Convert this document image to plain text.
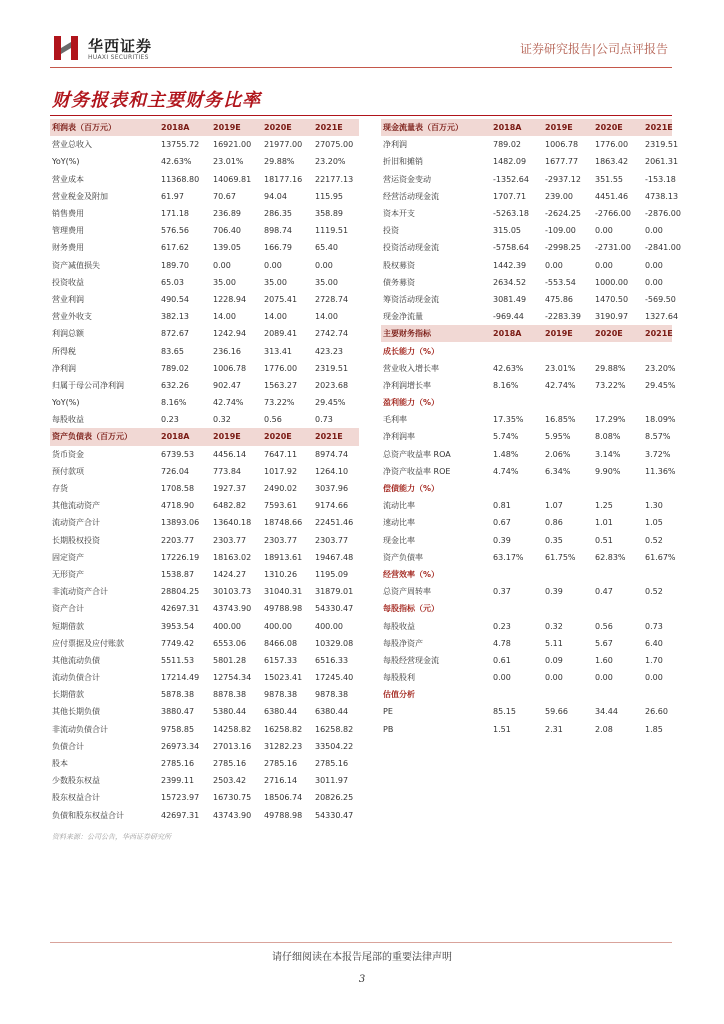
华西证券
HUAXI SECURITIES
证券研究报告|公司点评报告
财务报表和主要财务比率
利润表（百万元）	2018A	2019E	2020E	2021E
营业总收入	13755.72	16921.00	21977.00	27075.00
YoY(%)	42.63%	23.01%	29.88%	23.20%
营业成本	11368.80	14069.81	18177.16	22177.13
营业税金及附加	61.97	70.67	94.04	115.95
销售费用	171.18	236.89	286.35	358.89
管理费用	576.56	706.40	898.74	1119.51
财务费用	617.62	139.05	166.79	65.40
资产减值损失	189.70	0.00	0.00	0.00
投资收益	65.03	35.00	35.00	35.00
营业利润	490.54	1228.94	2075.41	2728.74
营业外收支	382.13	14.00	14.00	14.00
利润总额	872.67	1242.94	2089.41	2742.74
所得税	83.65	236.16	313.41	423.23
净利润	789.02	1006.78	1776.00	2319.51
归属于母公司净利润	632.26	902.47	1563.27	2023.68
YoY(%)	8.16%	42.74%	73.22%	29.45%
每股收益	0.23	0.32	0.56	0.73
资产负债表（百万元）	2018A	2019E	2020E	2021E
货币资金	6739.53	4456.14	7647.11	8974.74
预付款项	726.04	773.84	1017.92	1264.10
存货	1708.58	1927.37	2490.02	3037.96
其他流动资产	4718.90	6482.82	7593.61	9174.66
流动资产合计	13893.06	13640.18	18748.66	22451.46
长期股权投资	2203.77	2303.77	2303.77	2303.77
固定资产	17226.19	18163.02	18913.61	19467.48
无形资产	1538.87	1424.27	1310.26	1195.09
非流动资产合计	28804.25	30103.73	31040.31	31879.01
资产合计	42697.31	43743.90	49788.98	54330.47
短期借款	3953.54	400.00	400.00	400.00
应付票据及应付账款	7749.42	6553.06	8466.08	10329.08
其他流动负债	5511.53	5801.28	6157.33	6516.33
流动负债合计	17214.49	12754.34	15023.41	17245.40
长期借款	5878.38	8878.38	9878.38	9878.38
其他长期负债	3880.47	5380.44	6380.44	6380.44
非流动负债合计	9758.85	14258.82	16258.82	16258.82
负债合计	26973.34	27013.16	31282.23	33504.22
股本	2785.16	2785.16	2785.16	2785.16
少数股东权益	2399.11	2503.42	2716.14	3011.97
股东权益合计	15723.97	16730.75	18506.74	20826.25
负债和股东权益合计	42697.31	43743.90	49788.98	54330.47
现金流量表（百万元）	2018A	2019E	2020E	2021E
净利润	789.02	1006.78	1776.00	2319.51
折旧和摊销	1482.09	1677.77	1863.42	2061.31
营运资金变动	-1352.64	-2937.12	351.55	-153.18
经营活动现金流	1707.71	239.00	4451.46	4738.13
资本开支	-5263.18	-2624.25	-2766.00	-2876.00
投资	315.05	-109.00	0.00	0.00
投资活动现金流	-5758.64	-2998.25	-2731.00	-2841.00
股权募资	1442.39	0.00	0.00	0.00
债务募资	2634.52	-553.54	1000.00	0.00
筹资活动现金流	3081.49	475.86	1470.50	-569.50
现金净流量	-969.44	-2283.39	3190.97	1327.64
主要财务指标	2018A	2019E	2020E	2021E
成长能力（%）				
营业收入增长率	42.63%	23.01%	29.88%	23.20%
净利润增长率	8.16%	42.74%	73.22%	29.45%
盈利能力（%）				
毛利率	17.35%	16.85%	17.29%	18.09%
净利润率	5.74%	5.95%	8.08%	8.57%
总资产收益率 ROA	1.48%	2.06%	3.14%	3.72%
净资产收益率 ROE	4.74%	6.34%	9.90%	11.36%
偿债能力（%）				
流动比率	0.81	1.07	1.25	1.30
速动比率	0.67	0.86	1.01	1.05
现金比率	0.39	0.35	0.51	0.52
资产负债率	63.17%	61.75%	62.83%	61.67%
经营效率（%）				
总资产周转率	0.37	0.39	0.47	0.52
每股指标（元）				
每股收益	0.23	0.32	0.56	0.73
每股净资产	4.78	5.11	5.67	6.40
每股经营现金流	0.61	0.09	1.60	1.70
每股股利	0.00	0.00	0.00	0.00
估值分析				
PE	85.15	59.66	34.44	26.60
PB	1.51	2.31	2.08	1.85
资料来源：公司公告，华西证券研究所
请仔细阅读在本报告尾部的重要法律声明
3
